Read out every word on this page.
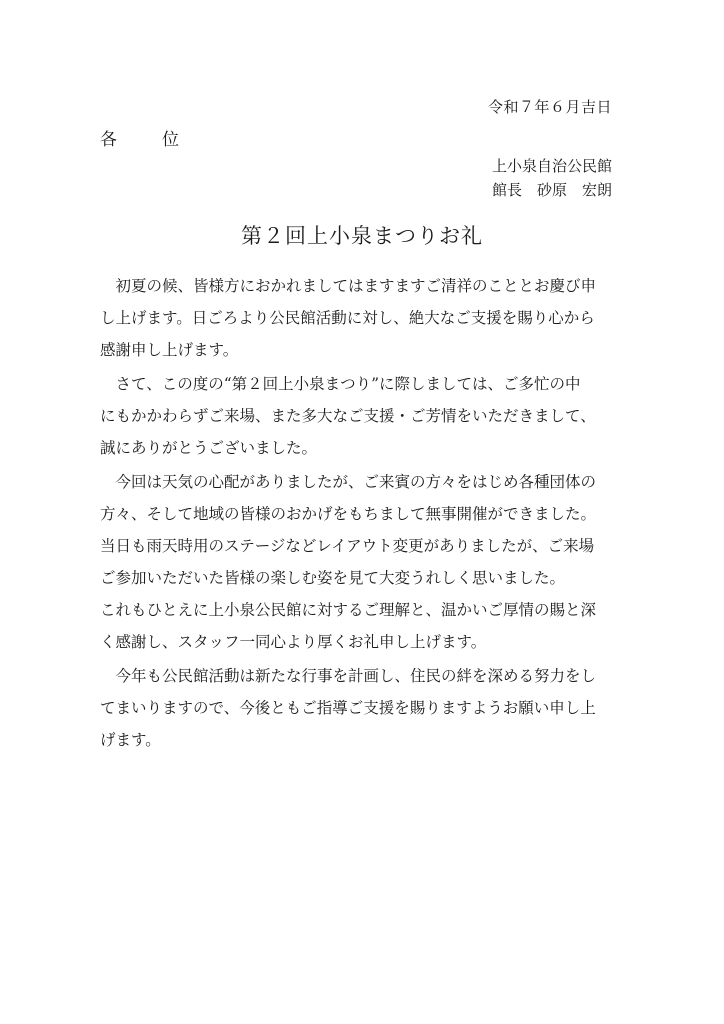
令和７年６月吉日
各　位
上小泉自治公民館
館長　砂原　宏朗
第２回上小泉まつりお礼

　初夏の候、皆様方におかれましてはますますご清祥のこととお慶び申
し上げます。日ごろより公民館活動に対し、絶大なご支援を賜り心から
感謝申し上げます。

　さて、この度の“第２回上小泉まつり”に際しましては、ご多忙の中
にもかかわらずご来場、また多大なご支援・ご芳情をいただきまして、
誠にありがとうございました。

　今回は天気の心配がありましたが、ご来賓の方々をはじめ各種団体の
方々、そして地域の皆様のおかげをもちまして無事開催ができました。
当日も雨天時用のステージなどレイアウト変更がありましたが、ご来場
ご参加いただいた皆様の楽しむ姿を見て大変うれしく思いました。
これもひとえに上小泉公民館に対するご理解と、温かいご厚情の賜と深
く感謝し、スタッフ一同心より厚くお礼申し上げます。

　今年も公民館活動は新たな行事を計画し、住民の絆を深める努力をし
てまいりますので、今後ともご指導ご支援を賜りますようお願い申し上
げます。
